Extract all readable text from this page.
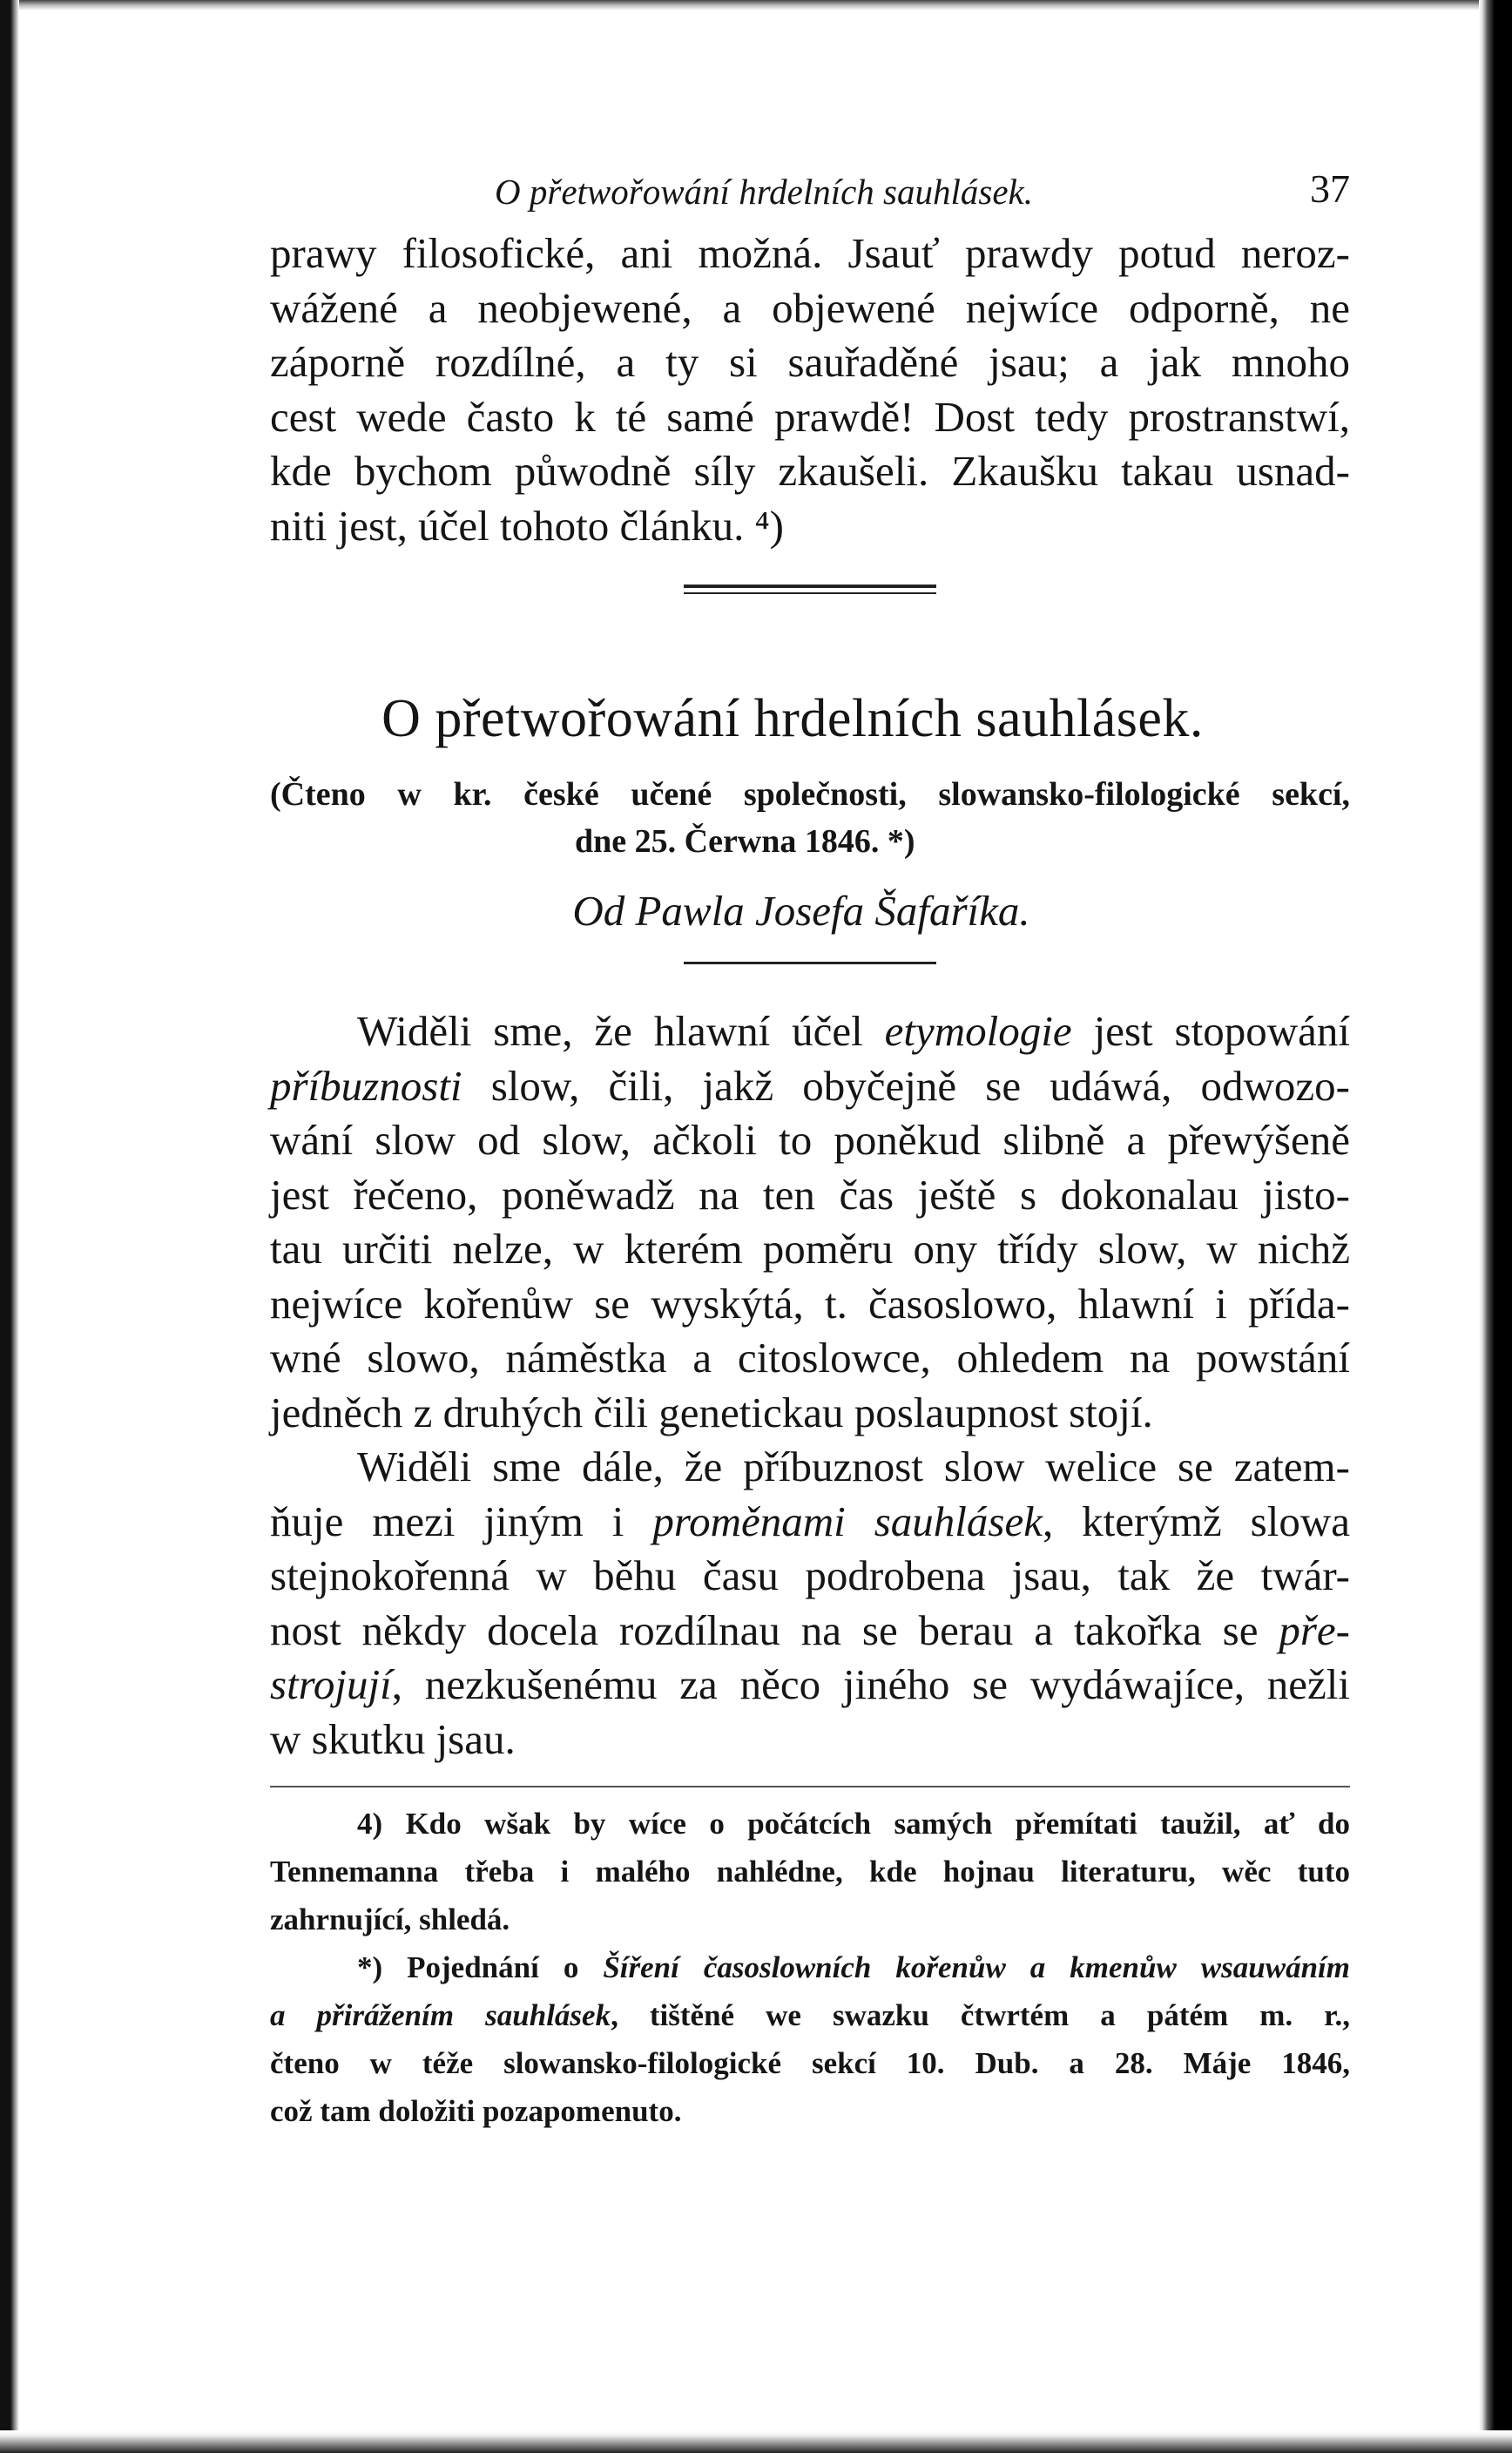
O přetwořowání hrdelních sauhlásek.	37

prawy filosofické, ani možná. Jsauť prawdy potud neroz-
wážené a neobjewené, a objewené nejwíce odporně, ne
záporně rozdílné, a ty si sauřaděné jsau; a jak mnoho
cest wede často k té samé prawdě! Dost tedy prostranstwí,
kde bychom půwodně síly zkaušeli. Zkaušku takau usnad-
niti jest, účel tohoto článku. ⁴)

O přetwořowání hrdelních sauhlásek.
(Čteno w kr. české učené společnosti, slowansko-filologické sekcí,
dne 25. Čerwna 1846. *)
Od Pawla Josefa Šafaříka.

Widěli sme, že hlawní účel etymologie jest stopowání
příbuznosti slow, čili, jakž obyčejně se udáwá, odwozo-
wání slow od slow, ačkoli to poněkud slibně a přewýšeně
jest řečeno, poněwadž na ten čas ještě s dokonalau jisto-
tau určiti nelze, w kterém poměru ony třídy slow, w nichž
nejwíce kořenůw se wyskýtá, t. časoslowo, hlawní i přída-
wné slowo, náměstka a citoslowce, ohledem na powstání
jedněch z druhých čili genetickau poslaupnost stojí.

Widěli sme dále, že příbuznost slow welice se zatem-
ňuje mezi jiným i proměnami sauhlásek, kterýmž slowa
stejnokořenná w běhu času podrobena jsau, tak že twár-
nost někdy docela rozdílnau na se berau a takořka se pře-
strojují, nezkušenému za něco jiného se wydáwajíce, nežli
w skutku jsau.

4) Kdo wšak by wíce o počátcích samých přemítati taužil, ať do
Tennemanna třeba i malého nahlédne, kde hojnau literaturu, wěc tuto
zahrnující, shledá.

*) Pojednání o Šíření časoslowních kořenůw a kmenůw wsauwáním
a přirážením sauhlásek, tištěné we swazku čtwrtém a pátém m. r.,
čteno w téže slowansko-filologické sekcí 10. Dub. a 28. Máje 1846,
což tam doložiti pozapomenuto.
